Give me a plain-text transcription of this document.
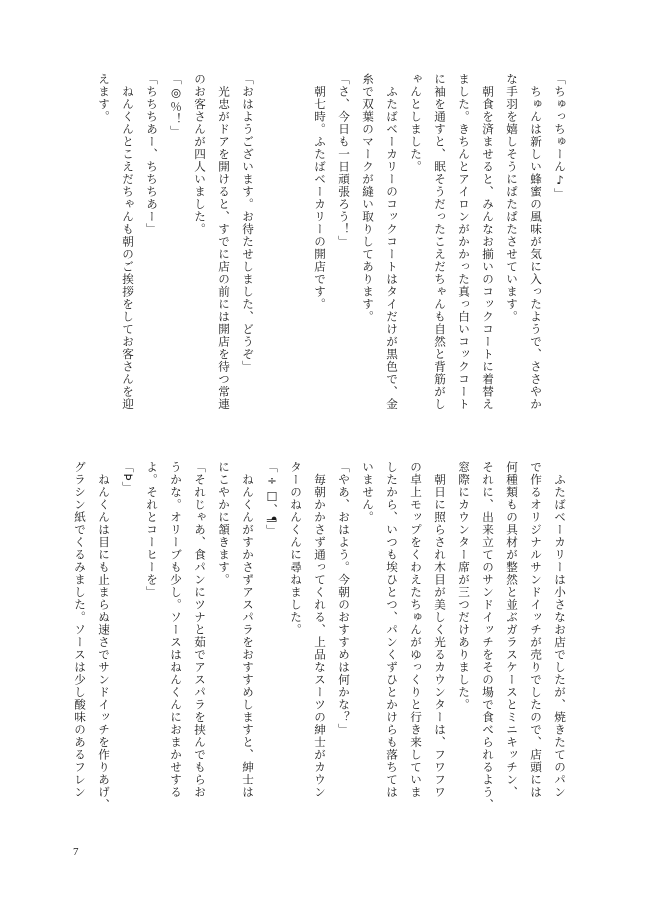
「ちゅっちゅーん♪」
　ちゅんは新しい蜂蜜の風味が気に入ったようで、ささやか
な手羽を嬉しそうにぱたぱたさせています。
　朝食を済ませると、みんなお揃いのコックコートに着替え
ました。きちんとアイロンがかかった真っ白いコックコート
に袖を通すと、眠そうだったこえだちゃんも自然と背筋がし
ゃんとしました。
　ふたばベーカリーのコックコートはタイだけが黒色で、金
糸で双葉のマークが縫い取りしてあります。
「さ、今日も一日頑張ろう！」
　朝七時。ふたばベーカリーの開店です。

「おはようございます。お待たせしました、どうぞ」
　光忠がドアを開けると、すでに店の前には開店を待つ常連
のお客さんが四人いました。
「◎％！」
「ちちちあー、ちちちあー」
　ねんくんとこえだちゃんも朝のご挨拶をしてお客さんを迎
えます。
　ふたばベーカリーは小さなお店でしたが、焼きたてのパン
で作るオリジナルサンドイッチが売りでしたので、店頭には
何種類もの具材が整然と並ぶガラスケースとミニキッチン、
それに、出来立てのサンドイッチをその場で食べられるよう、
窓際にカウンター席が三つだけありました。
　朝日に照らされ木目が美しく光るカウンターは、フワフワ
の卓上モップをくわえたちゅんがゆっくりと行き来していま
したから、いつも埃ひとつ、パンくずひとかけらも落ちては
いません。
「やあ、おはよう。今朝のおすすめは何かな？」
　毎朝かかさず通ってくれる、上品なスーツの紳士がカウン
ターのねんくんに尋ねました。
「÷□、¶」
　ねんくんがすかさずアスパラをおすすめしますと、紳士は
にこやかに頷きます。
「それじゃあ、食パンにツナと茹でアスパラを挟んでもらお
うかな。オリーブも少し。ソースはねんくんにおまかせする
よ。それとコーヒーを」
「Þ」
　ねんくんは目にも止まらぬ速さでサンドイッチを作りあげ、
グラシン紙でくるみました。ソースは少し酸味のあるフレン
7
